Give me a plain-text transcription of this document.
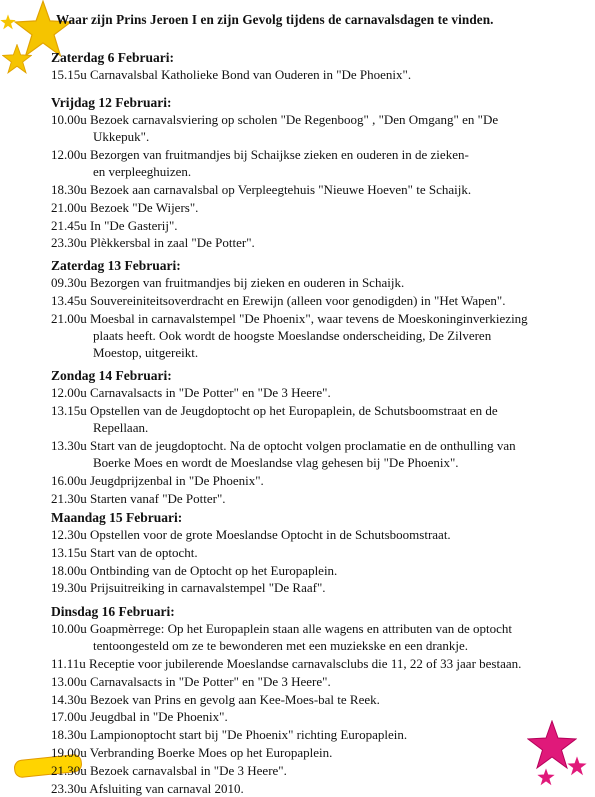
Waar zijn Prins Jeroen I en zijn Gevolg tijdens de carnavalsdagen te vinden.
Zaterdag 6 Februari:
15.15u Carnavalsbal Katholieke Bond van Ouderen in "De Phoenix".
Vrijdag 12 Februari:
10.00u Bezoek carnavalsviering op scholen "De Regenboog" , "Den Omgang" en "De
Ukkepuk".
12.00u Bezorgen van fruitmandjes bij Schaijkse zieken en ouderen in de zieken-
en verpleeghuizen.
18.30u Bezoek aan carnavalsbal op Verpleegtehuis "Nieuwe Hoeven" te Schaijk.
21.00u Bezoek "De Wijers".
21.45u In "De Gasterij".
23.30u Plèkkersbal in zaal "De Potter".
Zaterdag 13 Februari:
09.30u Bezorgen van fruitmandjes bij zieken en ouderen in Schaijk.
13.45u Souvereiniteitsoverdracht en Erewijn (alleen voor genodigden) in "Het Wapen".
21.00u Moesbal in carnavalstempel "De Phoenix", waar tevens de Moeskoninginverkiezing
plaats heeft. Ook wordt de hoogste Moeslandse onderscheiding, De Zilveren
Moestop, uitgereikt.
Zondag 14 Februari:
12.00u Carnavalsacts in "De Potter" en "De 3 Heere".
13.15u Opstellen van de Jeugdoptocht op het Europaplein, de Schutsboomstraat en de
Repellaan.
13.30u Start van de jeugdoptocht. Na de optocht volgen proclamatie en de onthulling van
Boerke Moes en wordt de Moeslandse vlag gehesen bij "De Phoenix".
16.00u Jeugdprijzenbal in "De Phoenix".
21.30u Starten vanaf "De Potter".
Maandag 15 Februari:
12.30u Opstellen voor de grote Moeslandse Optocht in de Schutsboomstraat.
13.15u Start van de optocht.
18.00u Ontbinding van de Optocht op het Europaplein.
19.30u Prijsuitreiking in carnavalstempel "De Raaf".
Dinsdag 16 Februari:
10.00u Goapmèrrege: Op het Europaplein staan alle wagens en attributen van de optocht
tentoongesteld om ze te bewonderen met een muziekske en een drankje.
11.11u Receptie voor jubilerende Moeslandse carnavalsclubs die 11, 22 of 33 jaar bestaan.
13.00u Carnavalsacts in "De Potter" en "De 3 Heere".
14.30u Bezoek van Prins en gevolg aan Kee-Moes-bal te Reek.
17.00u Jeugdbal in "De Phoenix".
18.30u Lampionoptocht start bij "De Phoenix" richting Europaplein.
19.00u Verbranding Boerke Moes op het Europaplein.
21.30u Bezoek carnavalsbal in "De 3 Heere".
23.30u Afsluiting van carnaval 2010.
